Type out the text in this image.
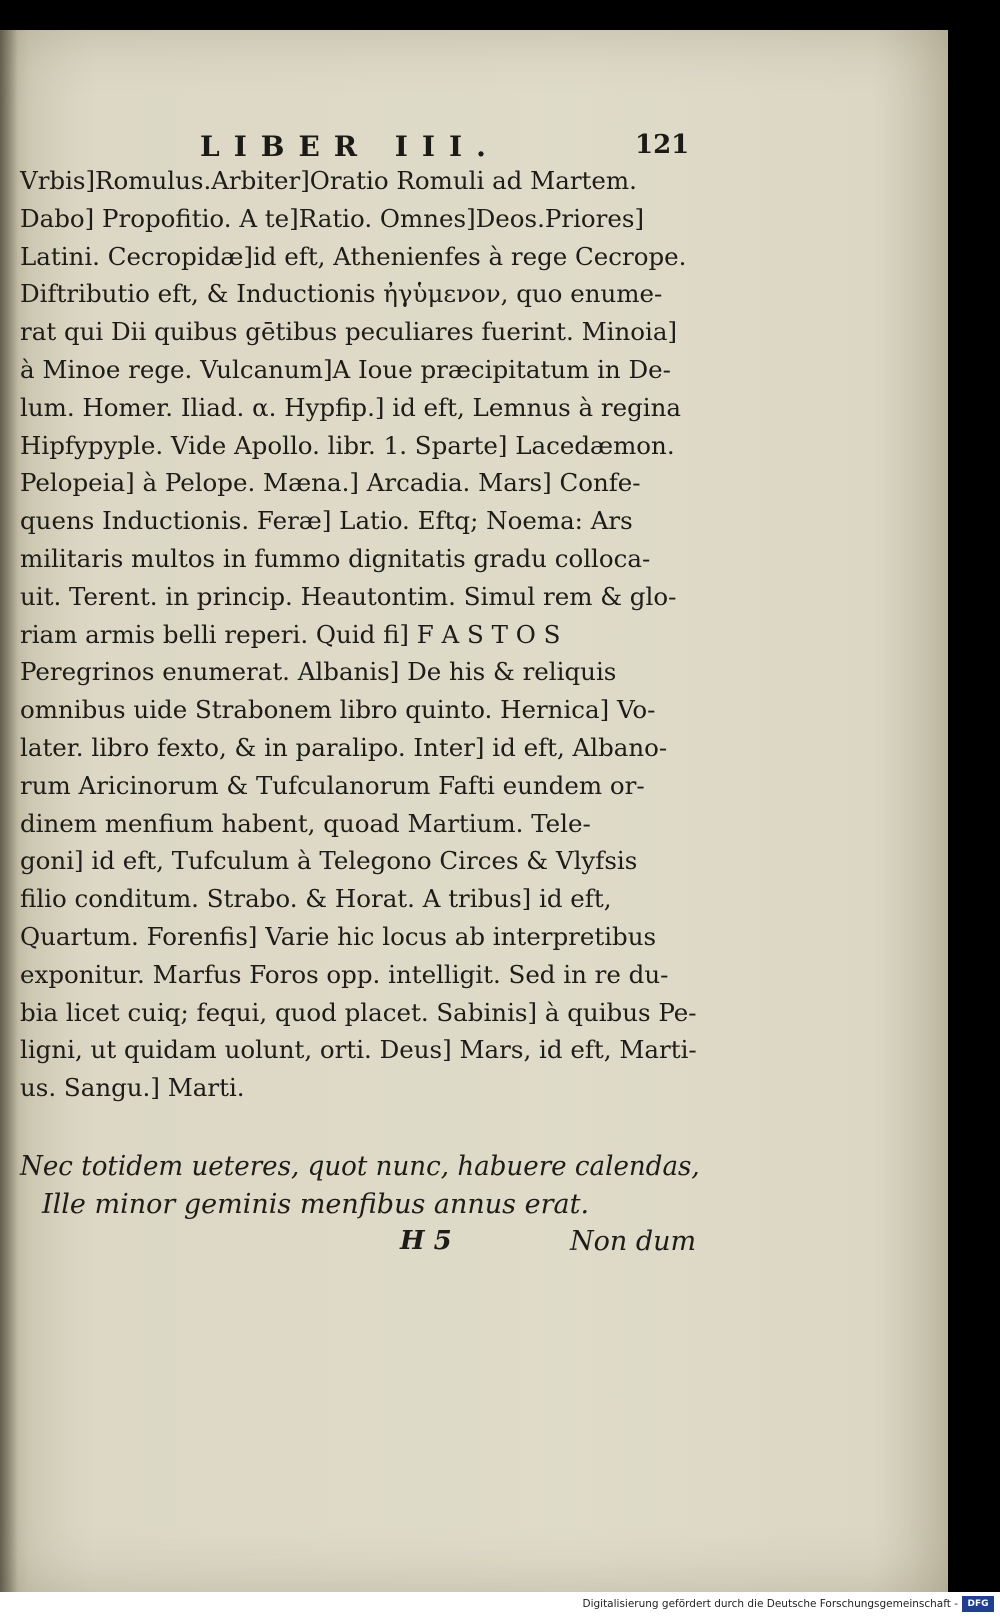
LIBER III.	121
Vrbis]Romulus.Arbiter]Oratio Romuli ad Martem.
Dabo] Propofitio. A te]Ratio. Omnes]Deos.Priores]
Latini. Cecropidæ]id eft, Athenienfes à rege Cecrope.
Diftributio eft, & Inductionis ἠγὑμενον, quo enume-
rat qui Dii quibus gētibus peculiares fuerint. Minoia]
à Minoe rege. Vulcanum]A Ioue præcipitatum in De-
lum. Homer. Iliad. α. Hypfip.] id eft, Lemnus à regina
Hipfypyple. Vide Apollo. libr. 1. Sparte] Lacedæmon.
Pelopeia] à Pelope. Mæna.] Arcadia. Mars] Confe-
quens Inductionis. Feræ] Latio. Eftq; Noema: Ars
militaris multos in fummo dignitatis gradu colloca-
uit. Terent. in princip. Heautontim. Simul rem & glo-
riam armis belli reperi. Quid fi] F A S T O S
Peregrinos enumerat. Albanis] De his & reliquis
omnibus uide Strabonem libro quinto. Hernica] Vo-
later. libro fexto, & in paralipo. Inter] id eft, Albano-
rum Aricinorum & Tufculanorum Fafti eundem or-
dinem menfium habent, quoad Martium. Tele-
goni] id eft, Tufculum à Telegono Circes & Vlyfsis
filio conditum. Strabo. & Horat. A tribus] id eft,
Quartum. Forenfis] Varie hic locus ab interpretibus
exponitur. Marfus Foros opp. intelligit. Sed in re du-
bia licet cuiq; fequi, quod placet. Sabinis] à quibus Pe-
ligni, ut quidam uolunt, orti. Deus] Mars, id eft, Marti-
us. Sangu.] Marti.
Nec totidem ueteres, quot nunc, habuere calendas,
Ille minor geminis menfibus annus erat.
H 5	Non dum
Digitalisierung gefördert durch die Deutsche Forschungsgemeinschaft -	DFG
